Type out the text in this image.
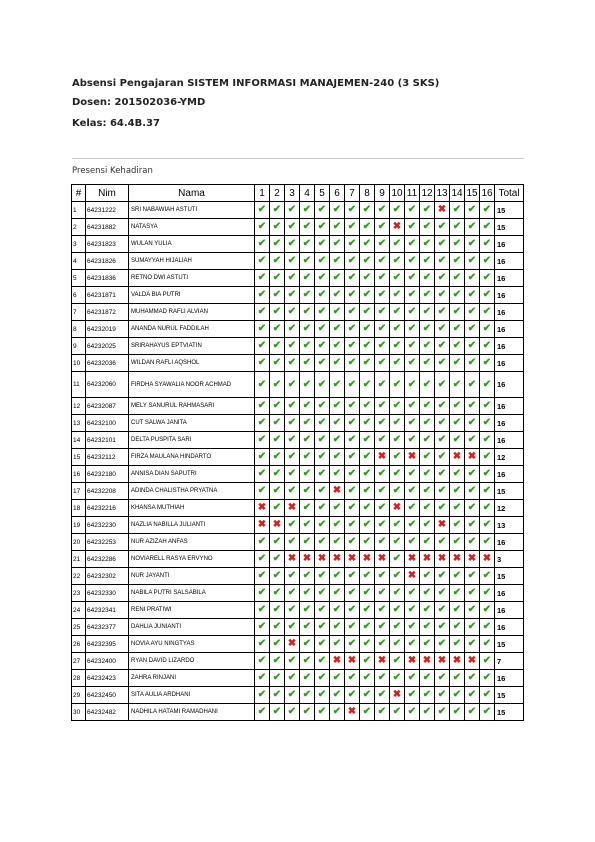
Absensi Pengajaran SISTEM INFORMASI MANAJEMEN-240 (3 SKS)
Dosen: 201502036-YMD
Kelas: 64.4B.37
Presensi Kehadiran
#	Nim	Nama	1	2	3	4	5	6	7	8	9	10	11	12	13	14	15	16	Total
1	64231222	SRI NABAWIAH ASTUTI	✔	✔	✔	✔	✔	✔	✔	✔	✔	✔	✔	✔	✖	✔	✔	✔	15
2	64231882	NATASYA	✔	✔	✔	✔	✔	✔	✔	✔	✔	✖	✔	✔	✔	✔	✔	✔	15
3	64231823	WULAN YULIA	✔	✔	✔	✔	✔	✔	✔	✔	✔	✔	✔	✔	✔	✔	✔	✔	16
4	64231826	SUMAYYAH HIJALIAH	✔	✔	✔	✔	✔	✔	✔	✔	✔	✔	✔	✔	✔	✔	✔	✔	16
5	64231836	RETNO DWI ASTUTI	✔	✔	✔	✔	✔	✔	✔	✔	✔	✔	✔	✔	✔	✔	✔	✔	16
6	64231871	VALDA BIA PUTRI	✔	✔	✔	✔	✔	✔	✔	✔	✔	✔	✔	✔	✔	✔	✔	✔	16
7	64231872	MUHAMMAD RAFLI ALVIAN	✔	✔	✔	✔	✔	✔	✔	✔	✔	✔	✔	✔	✔	✔	✔	✔	16
8	64232019	ANANDA NURUL FADDILAH	✔	✔	✔	✔	✔	✔	✔	✔	✔	✔	✔	✔	✔	✔	✔	✔	16
9	64232025	SRIRAHAYUS EPTVIATIN	✔	✔	✔	✔	✔	✔	✔	✔	✔	✔	✔	✔	✔	✔	✔	✔	16
10	64232036	WILDAN RAFLI AQSHOL	✔	✔	✔	✔	✔	✔	✔	✔	✔	✔	✔	✔	✔	✔	✔	✔	16
11	64232060	FIRDHA SYAWALIA NOOR ACHMAD	✔	✔	✔	✔	✔	✔	✔	✔	✔	✔	✔	✔	✔	✔	✔	✔	16
12	64232087	MELY SANURUL RAHMASARI	✔	✔	✔	✔	✔	✔	✔	✔	✔	✔	✔	✔	✔	✔	✔	✔	16
13	64232100	CUT SALWA JANITA	✔	✔	✔	✔	✔	✔	✔	✔	✔	✔	✔	✔	✔	✔	✔	✔	16
14	64232101	DELTA PUSPITA SARI	✔	✔	✔	✔	✔	✔	✔	✔	✔	✔	✔	✔	✔	✔	✔	✔	16
15	64232112	FIRZA MAULANA HINDARTO	✔	✔	✔	✔	✔	✔	✔	✔	✖	✔	✖	✔	✔	✖	✖	✔	12
16	64232180	ANNISA DIAN SAPUTRI	✔	✔	✔	✔	✔	✔	✔	✔	✔	✔	✔	✔	✔	✔	✔	✔	16
17	64232208	ADINDA CHALISTHA PRYATNA	✔	✔	✔	✔	✔	✖	✔	✔	✔	✔	✔	✔	✔	✔	✔	✔	15
18	64232216	KHANSA MUTHIAH	✖	✔	✖	✔	✔	✔	✔	✔	✔	✖	✔	✔	✔	✔	✔	✔	12
19	64232230	NAZLIA NABILLA JULIANTI	✖	✖	✔	✔	✔	✔	✔	✔	✔	✔	✔	✔	✖	✔	✔	✔	13
20	64232253	NUR AZIZAH ANFAS	✔	✔	✔	✔	✔	✔	✔	✔	✔	✔	✔	✔	✔	✔	✔	✔	16
21	64232286	NOVIARELL RASYA ERVYNO	✔	✔	✖	✖	✖	✖	✖	✖	✖	✔	✖	✖	✖	✖	✖	✖	3
22	64232302	NUR JAYANTI	✔	✔	✔	✔	✔	✔	✔	✔	✔	✔	✖	✔	✔	✔	✔	✔	15
23	64232330	NABILA PUTRI SALSABILA	✔	✔	✔	✔	✔	✔	✔	✔	✔	✔	✔	✔	✔	✔	✔	✔	16
24	64232341	RENI PRATIWI	✔	✔	✔	✔	✔	✔	✔	✔	✔	✔	✔	✔	✔	✔	✔	✔	16
25	64232377	DAHLIA JUNIANTI	✔	✔	✔	✔	✔	✔	✔	✔	✔	✔	✔	✔	✔	✔	✔	✔	16
26	64232395	NOVIA AYU NINGTYAS	✔	✔	✖	✔	✔	✔	✔	✔	✔	✔	✔	✔	✔	✔	✔	✔	15
27	64232400	RYAN DAVID LIZARDO	✔	✔	✔	✔	✔	✖	✖	✔	✖	✔	✖	✖	✖	✖	✖	✔	7
28	64232423	ZAHRA RINJANI	✔	✔	✔	✔	✔	✔	✔	✔	✔	✔	✔	✔	✔	✔	✔	✔	16
29	64232450	SITA AULIA ARDHANI	✔	✔	✔	✔	✔	✔	✔	✔	✔	✖	✔	✔	✔	✔	✔	✔	15
30	64232482	NADHILA HATAMI RAMADHANI	✔	✔	✔	✔	✔	✔	✖	✔	✔	✔	✔	✔	✔	✔	✔	✔	15
